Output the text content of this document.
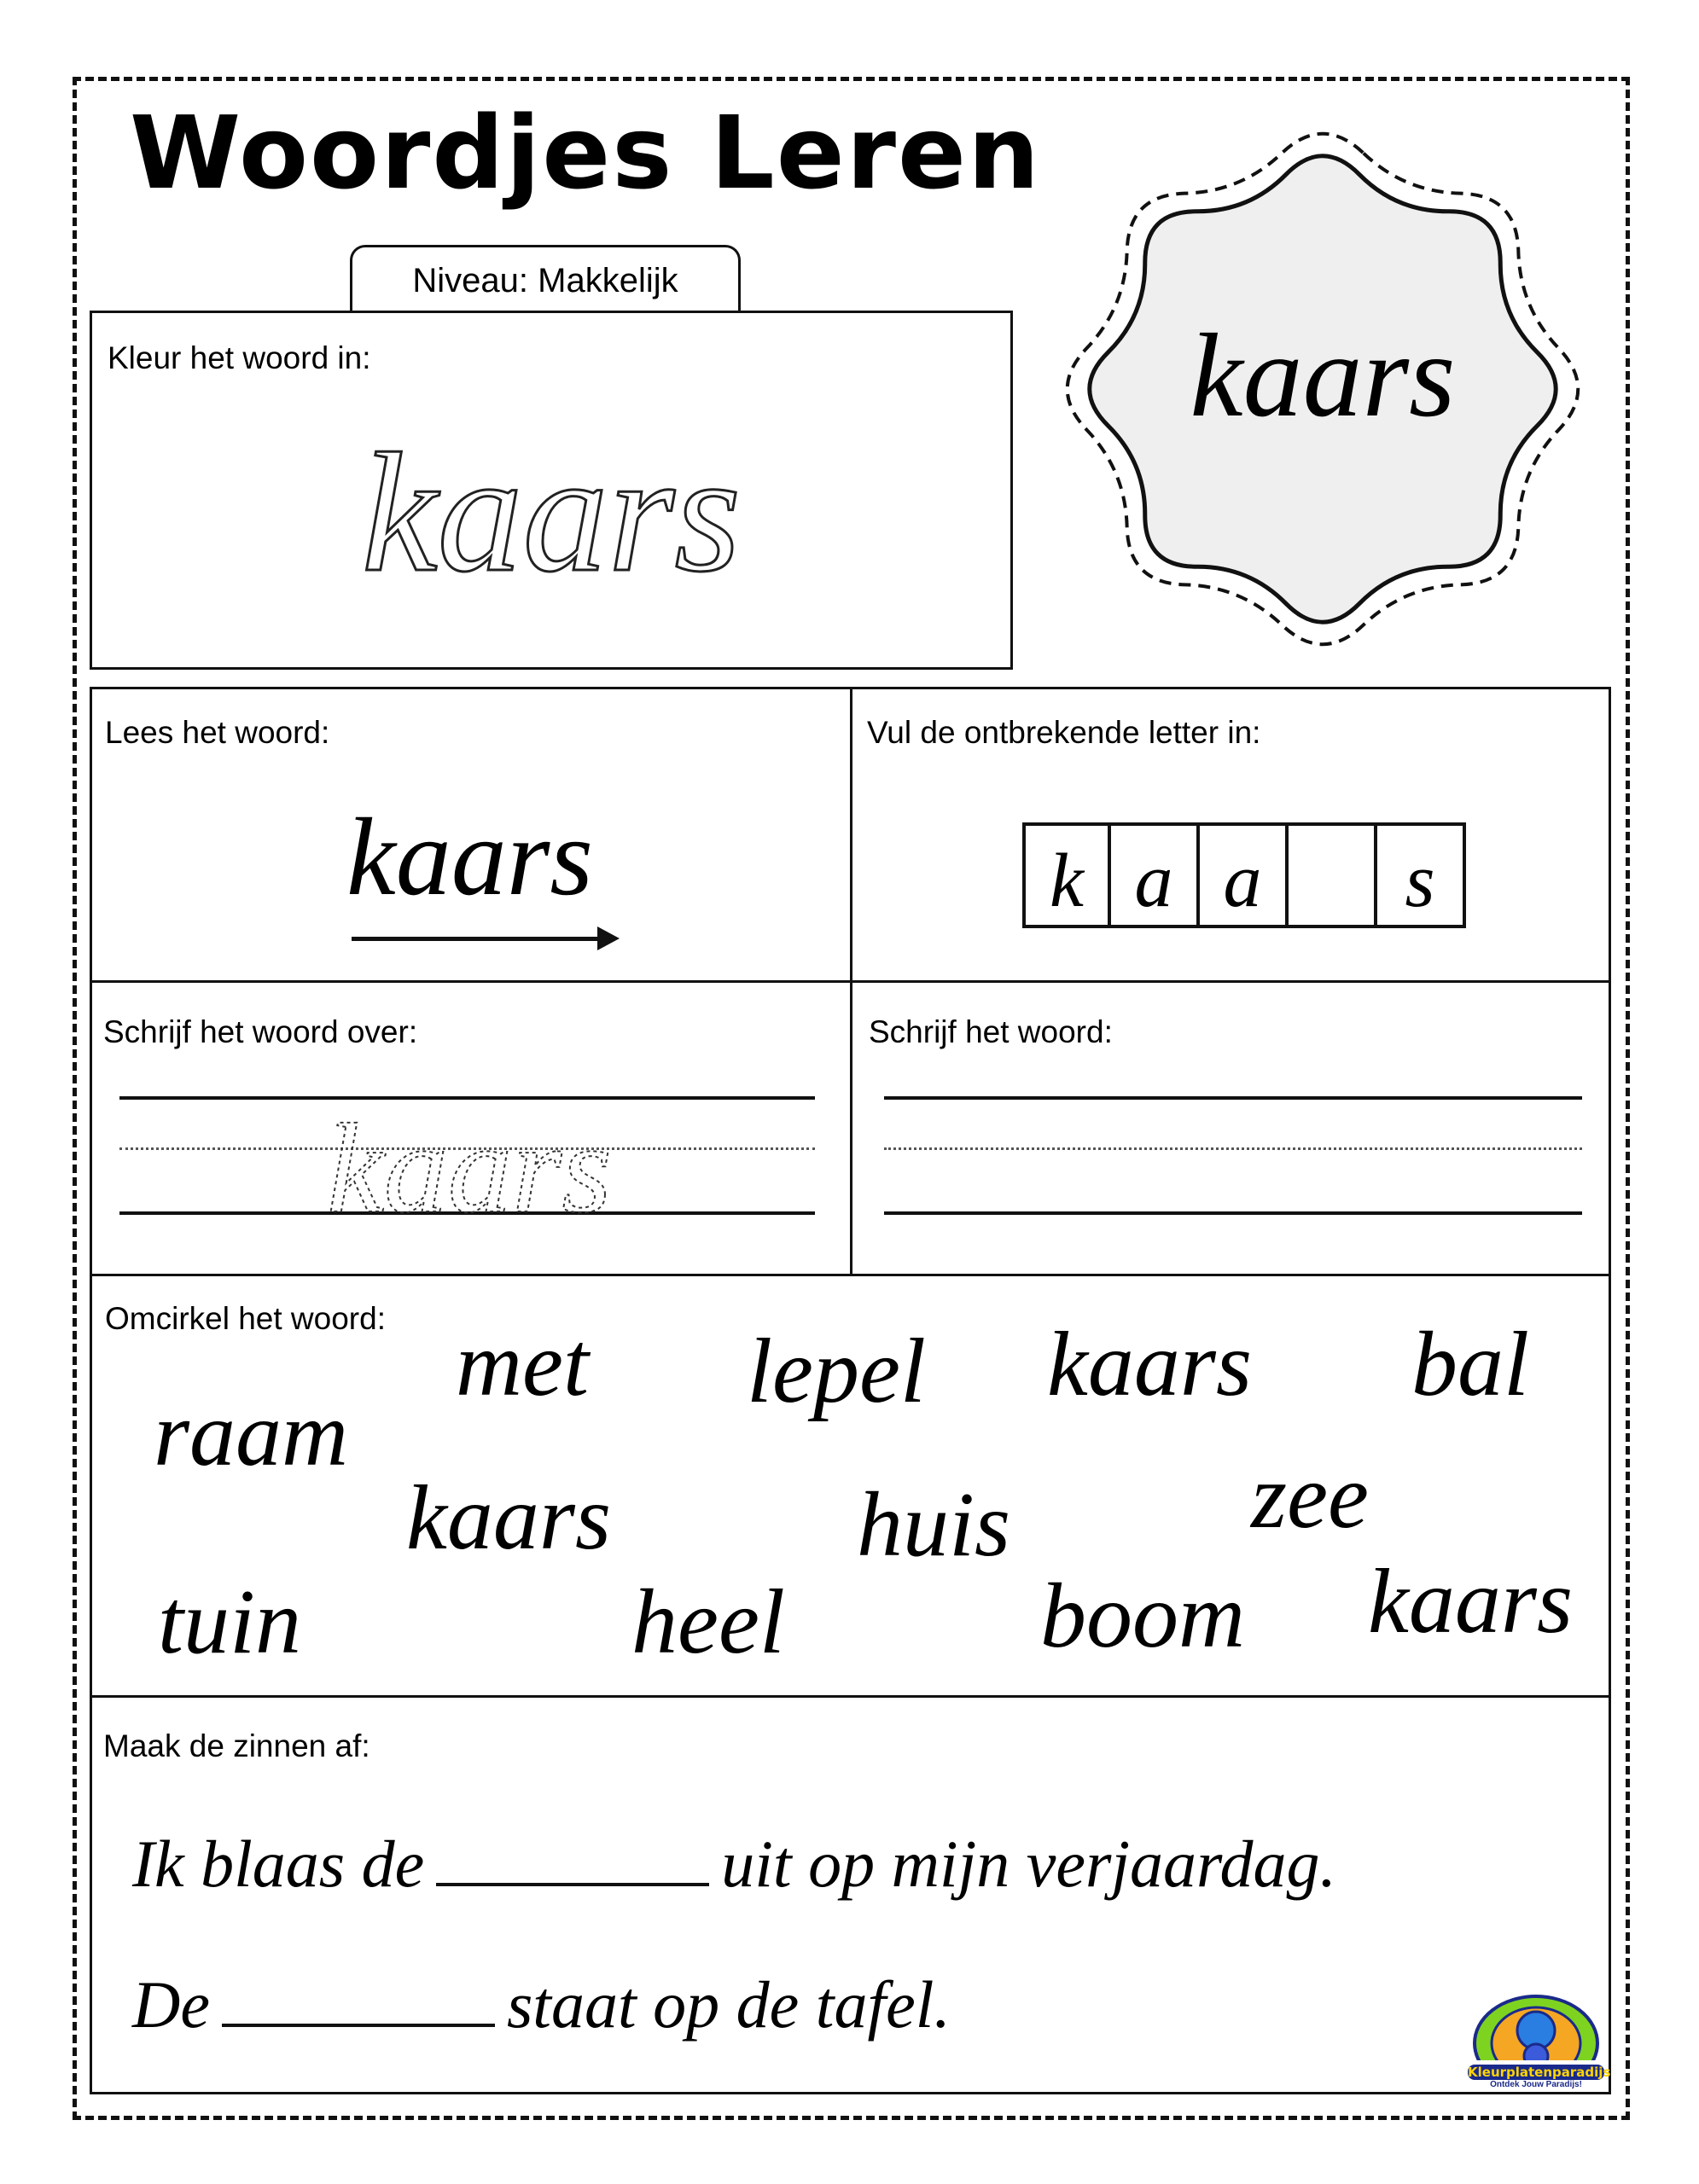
Woordjes Leren
Niveau: Makkelijk
kaars
Kleur het woord in:
kaars
Lees het woord:
kaars
Vul de ontbrekende letter in:
k a a	s
Schrijf het woord over:
kaars
Schrijf het woord:
Omcirkel het woord: met lepel kaars bal
raam
kaars	huis	zee
tuin	heel	boom kaars
Maak de zinnen af:
Ik blaas de	uit op mijn verjaardag.
De	staat op de tafel.
Kleurplatenparadijs
Ontdek Jouw Paradijs!
